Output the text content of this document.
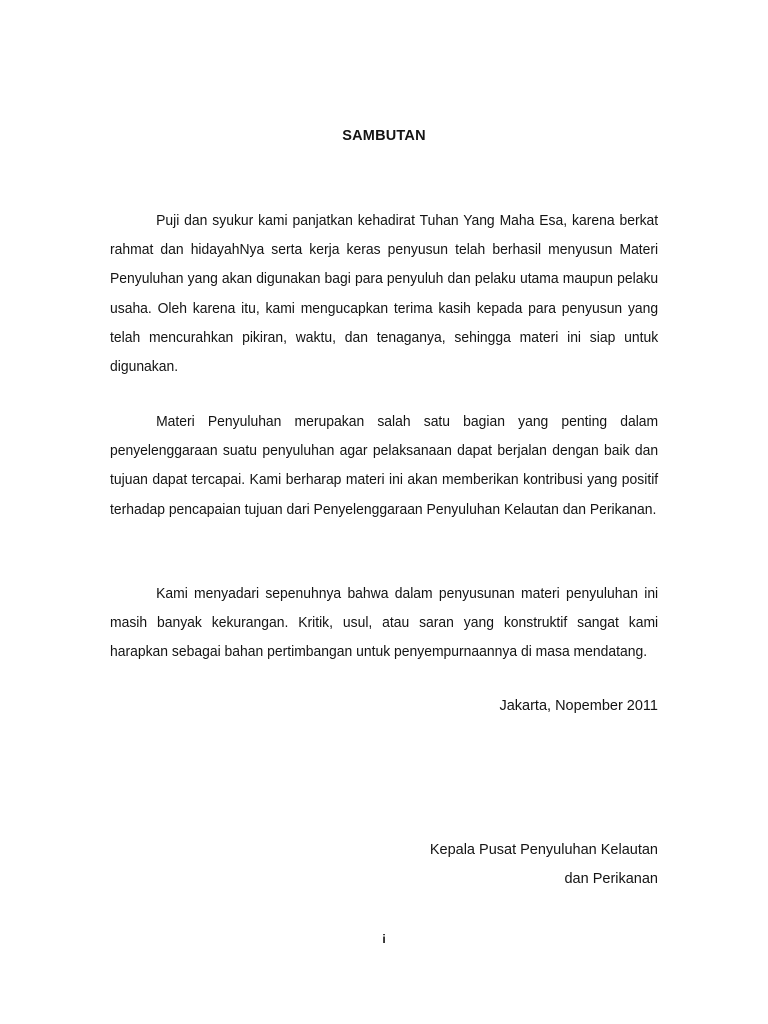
SAMBUTAN

Puji dan syukur kami panjatkan kehadirat Tuhan Yang Maha Esa, karena berkat rahmat dan hidayahNya serta kerja keras penyusun telah berhasil menyusun Materi Penyuluhan yang akan digunakan bagi para penyuluh dan pelaku utama maupun pelaku usaha. Oleh karena itu, kami mengucapkan terima kasih kepada para penyusun yang telah mencurahkan pikiran, waktu, dan tenaganya, sehingga materi ini siap untuk digunakan.

Materi Penyuluhan merupakan salah satu bagian yang penting dalam penyelenggaraan suatu penyuluhan agar pelaksanaan dapat berjalan dengan baik dan tujuan dapat tercapai. Kami berharap materi ini akan memberikan kontribusi yang positif terhadap pencapaian tujuan dari Penyelenggaraan Penyuluhan Kelautan dan Perikanan.

Kami menyadari sepenuhnya bahwa dalam penyusunan materi penyuluhan ini masih banyak kekurangan. Kritik, usul, atau saran yang konstruktif sangat kami harapkan sebagai bahan pertimbangan untuk penyempurnaannya di masa mendatang.

Jakarta, Nopember 2011

Kepala Pusat Penyuluhan Kelautan

dan Perikanan

i
